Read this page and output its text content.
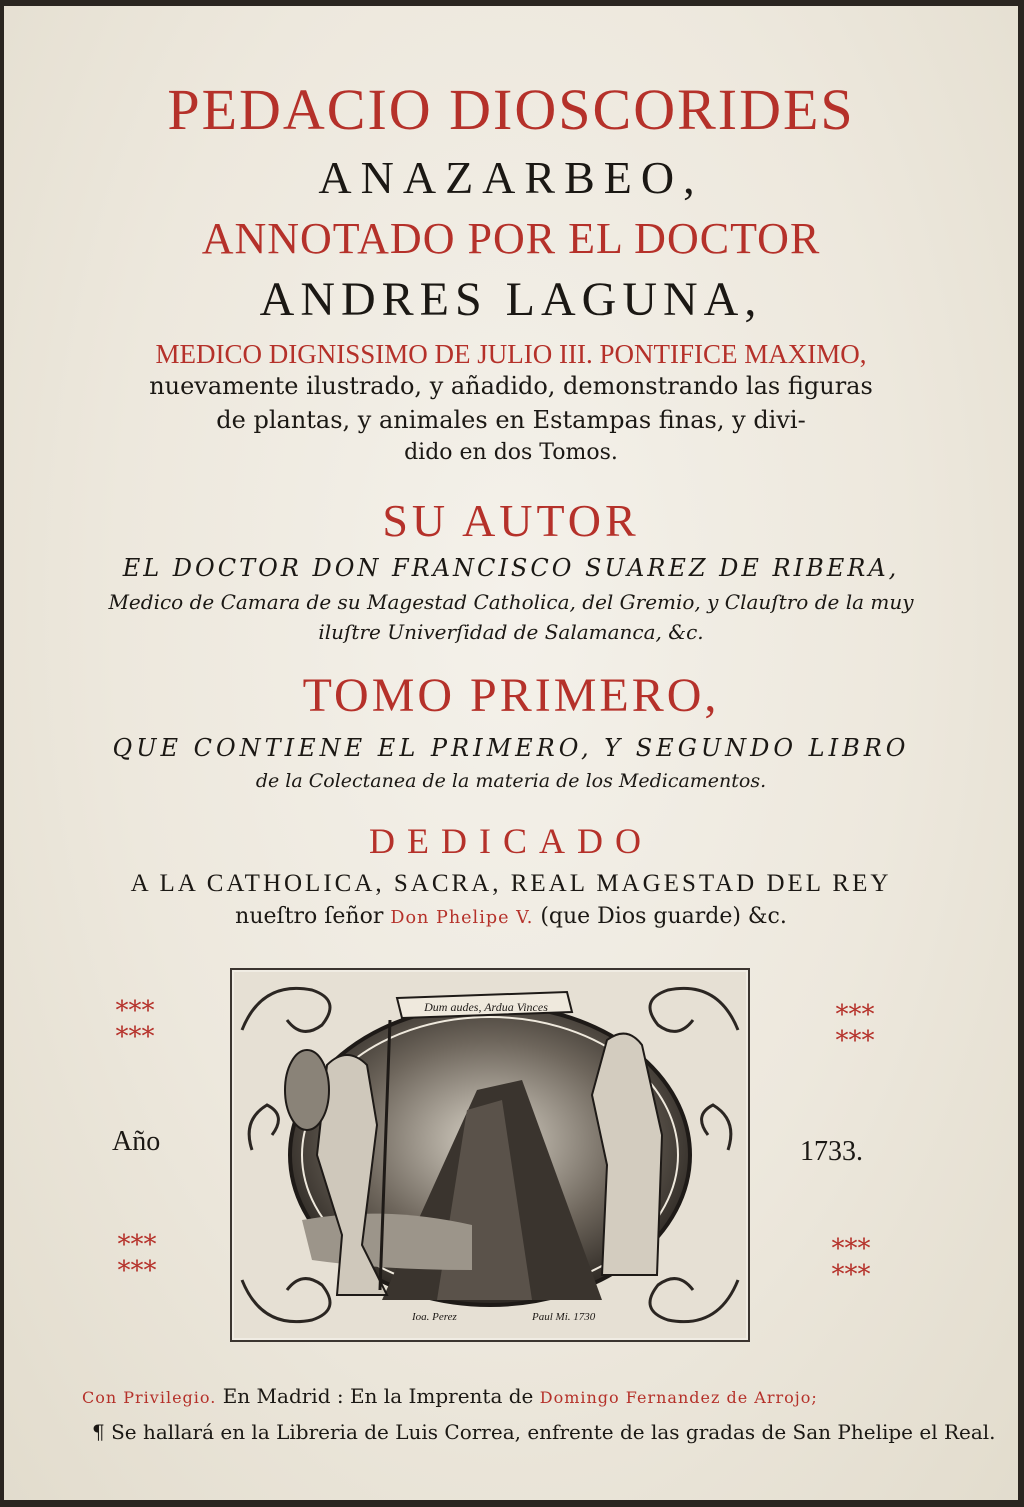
PEDACIO DIOSCORIDES
ANAZARBEO,
ANNOTADO POR EL DOCTOR
ANDRES LAGUNA,
MEDICO DIGNISSIMO DE JULIO III. PONTIFICE MAXIMO,
nuevamente ilustrado, y añadido, demonstrando las figuras
de plantas, y animales en Estampas finas, y divi-
dido en dos Tomos.
SU AUTOR
EL DOCTOR DON FRANCISCO SUAREZ DE RIBERA,
Medico de Camara de su Magestad Catholica, del Gremio, y Clauſtro de la muy
iluſtre Univerſidad de Salamanca, &c.
TOMO PRIMERO,
QUE CONTIENE EL PRIMERO, Y SEGUNDO LIBRO
de la Colectanea de la materia de los Medicamentos.
DEDICADO
A LA CATHOLICA, SACRA, REAL MAGESTAD DEL REY
nueſtro ſeñor Don Phelipe V. (que Dios guarde) &c.
***
***
***
***
***
***
***
***
Año	1733.
Dum audes, Ardua Vinces
Ioa. Perez	Paul Mi. 1730
Con Privilegio. En Madrid : En la Imprenta de Domingo Fernandez de Arrojo;
¶ Se hallará en la Libreria de Luis Correa, enfrente de las gradas de San Phelipe el Real.
